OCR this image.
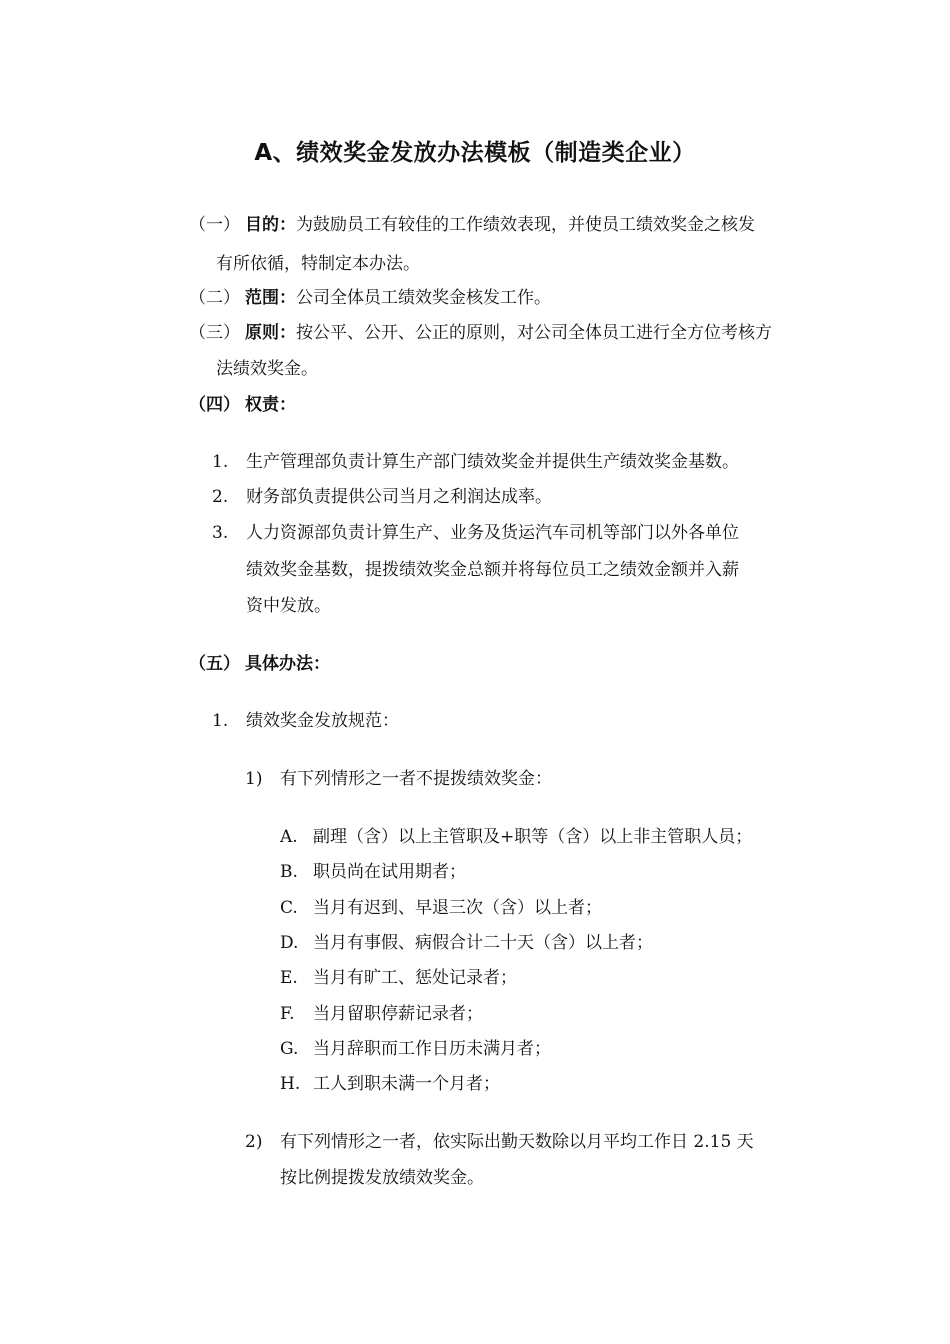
A、绩效奖金发放办法模板（制造类企业）
（一） 目的：为鼓励员工有较佳的工作绩效表现，并使员工绩效奖金之核发
有所依循，特制定本办法。
（二） 范围：公司全体员工绩效奖金核发工作。
（三） 原则：按公平、公开、公正的原则，对公司全体员工进行全方位考核方
法绩效奖金。
（四） 权责：
1. 生产管理部负责计算生产部门绩效奖金并提供生产绩效奖金基数。
2. 财务部负责提供公司当月之利润达成率。
3. 人力资源部负责计算生产、业务及货运汽车司机等部门以外各单位
绩效奖金基数，提拨绩效奖金总额并将每位员工之绩效金额并入薪
资中发放。
（五） 具体办法：
1. 绩效奖金发放规范：
1) 有下列情形之一者不提拨绩效奖金：
A. 副理（含）以上主管职及+职等（含）以上非主管职人员；
B. 职员尚在试用期者；
C. 当月有迟到、早退三次（含）以上者；
D. 当月有事假、病假合计二十天（含）以上者；
E. 当月有旷工、惩处记录者；
F. 当月留职停薪记录者；
G. 当月辞职而工作日历未满月者；
H. 工人到职未满一个月者；
2) 有下列情形之一者，依实际出勤天数除以月平均工作日 2.15 天
按比例提拨发放绩效奖金。
